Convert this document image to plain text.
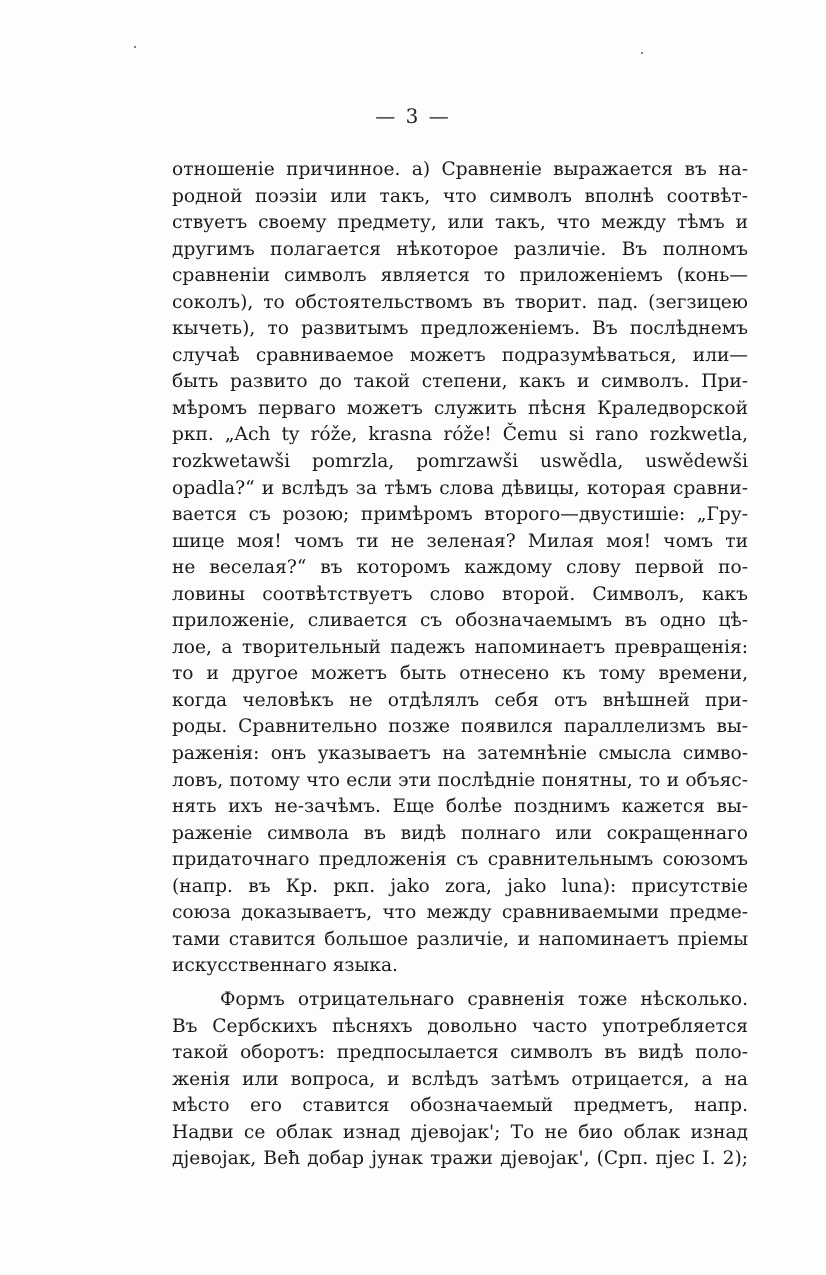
— 3 —
отношеніе причинное. а) Сравненіе выражается въ на-
родной поэзіи или такъ, что символъ вполнѣ соотвѣт-
ствуетъ своему предмету, или такъ, что между тѣмъ и
другимъ полагается нѣкоторое различіе. Въ полномъ
сравненіи символъ является то приложеніемъ (конь—
соколъ), то обстоятельствомъ въ творит. пад. (зегзицею
кычеть), то развитымъ предложеніемъ. Въ послѣднемъ
случаѣ сравниваемое можетъ подразумѣваться, или—
быть развито до такой степени, какъ и символъ. При-
мѣромъ перваго можетъ служить пѣсня Краледворской
ркп. „Ach ty róže, krasna róže! Čemu si rano rozkwetla,
rozkwetawši pomrzla, pomrzawši uswědla, uswědewši
opadla?“ и вслѣдъ за тѣмъ слова дѣвицы, которая сравни-
вается съ розою; примѣромъ второго—двустишіе: „Гру-
шице моя! чомъ ти не зеленая? Милая моя! чомъ ти
не веселая?“ въ которомъ каждому слову первой по-
ловины соотвѣтствуетъ слово второй. Символъ, какъ
приложеніе, сливается съ обозначаемымъ въ одно цѣ-
лое, а творительный падежъ напоминаетъ превращенія:
то и другое можетъ быть отнесено къ тому времени,
когда человѣкъ не отдѣлялъ себя отъ внѣшней при-
роды. Сравнительно позже появился параллелизмъ вы-
раженія: онъ указываетъ на затемнѣніе смысла симво-
ловъ, потому что если эти послѣдніе понятны, то и объяс-
нять ихъ не-зачѣмъ. Еще болѣе позднимъ кажется вы-
раженіе символа въ видѣ полнаго или сокращеннаго
придаточнаго предложенія съ сравнительнымъ союзомъ
(напр. въ Кр. ркп. jako zora, jako luna): присутствіе
союза доказываетъ, что между сравниваемыми предме-
тами ставится большое различіе, и напоминаетъ пріемы
искусственнаго языка.
Формъ отрицательнаго сравненія тоже нѣсколько.
Въ Сербскихъ пѣсняхъ довольно часто употребляется
такой оборотъ: предпосылается символъ въ видѣ поло-
женія или вопроса, и вслѣдъ затѣмъ отрицается, а на
мѣсто его ставится обозначаемый предметъ, напр.
Надви се облак изнад дjевоjак'; То не био облак изнад
дjевоjак, Веħ добар jунак тражи дjевоjак', (Срп. пjес I. 2);
